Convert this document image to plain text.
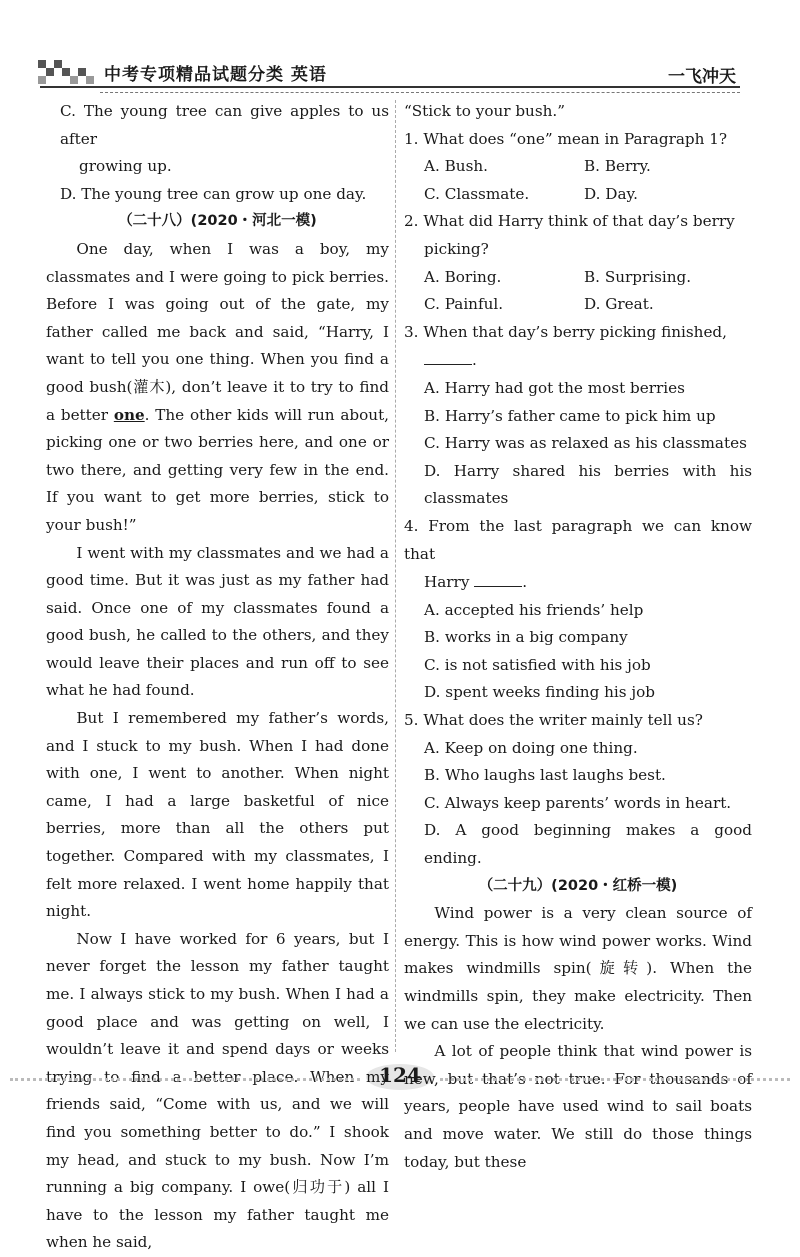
中考专项精品试题分类 英语	一飞冲天

C. The young tree can give apples to us after

growing up.

D. The young tree can grow up one day.

（二十八）(2020・河北一模)

One day, when I was a boy, my classmates and I were going to pick berries. Before I was going out of the gate, my father called me back and said, “Harry, I want to tell you one thing. When you find a good bush(灌木), don’t leave it to try to find a better one. The other kids will run about, picking one or two berries here, and one or two there, and getting very few in the end. If you want to get more berries, stick to your bush!”

I went with my classmates and we had a good time. But it was just as my father had said. Once one of my classmates found a good bush, he called to the others, and they would leave their places and run off to see what he had found.

But I remembered my father’s words, and I stuck to my bush. When I had done with one, I went to another. When night came, I had a large basketful of nice berries, more than all the others put together. Compared with my classmates, I felt more relaxed. I went home happily that night.

Now I have worked for 6 years, but I never forget the lesson my father taught me. I always stick to my bush. When I had a good place and was getting on well, I wouldn’t leave it and spend days or weeks trying to find a better place. When my friends said, “Come with us, and we will find you something better to do.” I shook my head, and stuck to my bush. Now I’m running a big company. I owe(归功于) all I have to the lesson my father taught me when he said,

“Stick to your bush.”

1. What does “one” mean in Paragraph 1?

A. Bush.	B. Berry.
C. Classmate.	D. Day.

2. What did Harry think of that day’s berry

picking?

A. Boring.	B. Surprising.
C. Painful.	D. Great.

3. When that day’s berry picking finished,

.

A. Harry had got the most berries

B. Harry’s father came to pick him up

C. Harry was as relaxed as his classmates

D. Harry shared his berries with his classmates

4. From the last paragraph we can know that

Harry	.

A. accepted his friends’ help

B. works in a big company

C. is not satisfied with his job

D. spent weeks finding his job

5. What does the writer mainly tell us?

A. Keep on doing one thing.

B. Who laughs last laughs best.

C. Always keep parents’ words in heart.

D. A good beginning makes a good ending.

（二十九）(2020・红桥一模)

Wind power is a very clean source of energy. This is how wind power works. Wind makes windmills spin(旋转). When the windmills spin, they make electricity. Then we can use the electricity.

A lot of people think that wind power is new, but that’s not true. For thousands of years, people have used wind to sail boats and move water. We still do those things today, but these

124
